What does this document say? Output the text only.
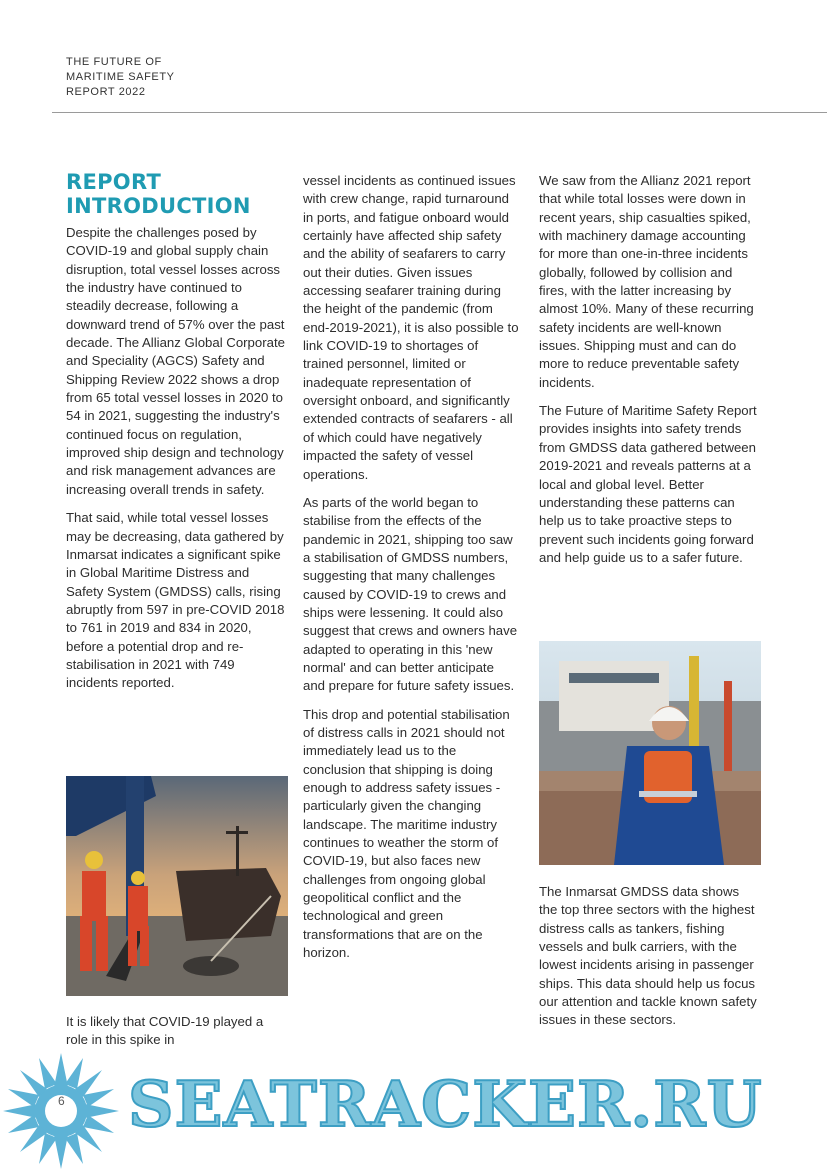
THE FUTURE OF
MARITIME SAFETY
REPORT 2022
REPORT
INTRODUCTION

Despite the challenges posed by COVID-19 and global supply chain disruption, total vessel losses across the industry have continued to steadily decrease, following a downward trend of 57% over the past decade. The Allianz Global Corporate and Speciality (AGCS) Safety and Shipping Review 2022 shows a drop from 65 total vessel losses in 2020 to 54 in 2021, suggesting the industry's continued focus on regulation, improved ship design and technology and risk management advances are increasing overall trends in safety.

That said, while total vessel losses may be decreasing, data gathered by Inmarsat indicates a significant spike in Global Maritime Distress and Safety System (GMDSS) calls, rising abruptly from 597 in pre-COVID 2018 to 761 in 2019 and 834 in 2020, before a potential drop and re-stabilisation in 2021 with 749 incidents reported.

It is likely that COVID-19 played a role in this spike in

vessel incidents as continued issues with crew change, rapid turnaround in ports, and fatigue onboard would certainly have affected ship safety and the ability of seafarers to carry out their duties. Given issues accessing seafarer training during the height of the pandemic (from end-2019-2021), it is also possible to link COVID-19 to shortages of trained personnel, limited or inadequate representation of oversight onboard, and significantly extended contracts of seafarers - all of which could have negatively impacted the safety of vessel operations.

As parts of the world began to stabilise from the effects of the pandemic in 2021, shipping too saw a stabilisation of GMDSS numbers, suggesting that many challenges caused by COVID-19 to crews and ships were lessening. It could also suggest that crews and owners have adapted to operating in this 'new normal' and can better anticipate and prepare for future safety issues.

This drop and potential stabilisation of distress calls in 2021 should not immediately lead us to the conclusion that shipping is doing enough to address safety issues - particularly given the changing landscape. The maritime industry continues to weather the storm of COVID-19, but also faces new challenges from ongoing global geopolitical conflict and the technological and green transformations that are on the horizon.

We saw from the Allianz 2021 report that while total losses were down in recent years, ship casualties spiked, with machinery damage accounting for more than one-in-three incidents globally, followed by collision and fires, with the latter increasing by almost 10%. Many of these recurring safety incidents are well-known issues. Shipping must and can do more to reduce preventable safety incidents.

The Future of Maritime Safety Report provides insights into safety trends from GMDSS data gathered between 2019-2021 and reveals patterns at a local and global level. Better understanding these patterns can help us to take proactive steps to prevent such incidents going forward and help guide us to a safer future.

The Inmarsat GMDSS data shows the top three sectors with the highest distress calls as tankers, fishing vessels and bulk carriers, with the lowest incidents arising in passenger ships. This data should help us focus our attention and tackle known safety issues in these sectors.

6 SEATRACKER.RU
